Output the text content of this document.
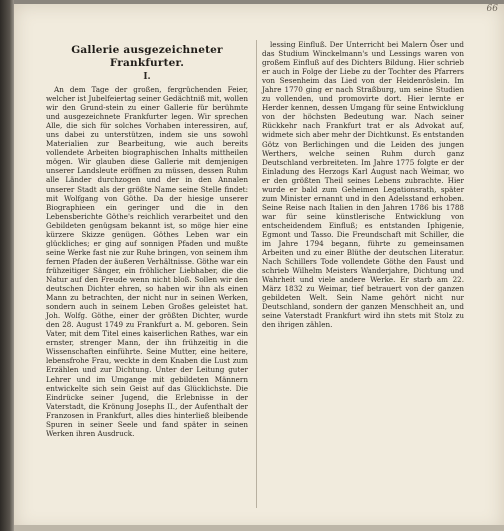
66
Gallerie ausgezeichneter Frankfurter.
I.
An dem Tage der großen, fergrüchenden Feier, welcher ist Jubelfeiertag seiner Gedächtniß mit, wollen wir den Grund-stein zu einer Gallerie für berühmte und ausgezeichnete Frankfurter legen. Wir sprechen Alle, die sich für solches Vorhaben interessiren, auf, uns dabei zu unterstützen, indem sie uns sowohl Materialien zur Bearbeitung, wie auch bereits vollendete Arbeiten biographischen Inhalts mittheilen mögen. Wir glauben diese Gallerie mit demjenigen unserer Landsleute eröffnen zu müssen, dessen Ruhm alle Länder durchzogen und der in den Annalen unserer Stadt als der größte Name seine Stelle findet: mit Wolfgang von Göthe. Da der hiesige unserer Biographieen ein geringer und die in den Lebensberichte Göthe's reichlich verarbeitet und den Gebildeten genügsam bekannt ist, so möge hier eine kürzere Skizze genügen. Göthes Leben war ein glückliches; er ging auf sonnigen Pfaden und mußte seine Werke fast nie zur Ruhe bringen, von seinem ihm fernen Pfaden der äußeren Verhältnisse. Göthe war ein frühzeitiger Sänger, ein fröhlicher Liebhaber, die die Natur auf den Freude wenn nicht bloß. Sollen wir den deutschen Dichter ehren, so haben wir ihn als einen Mann zu betrachten, der nicht nur in seinen Werken, sondern auch in seinem Leben Großes geleistet hat. Joh. Wolfg. Göthe, einer der größten Dichter, wurde den 28. August 1749 zu Frankfurt a. M. geboren. Sein Vater, mit dem Titel eines kaiserlichen Rathes, war ein ernster, strenger Mann, der ihn frühzeitig in die Wissenschaften einführte. Seine Mutter, eine heitere, lebensfrohe Frau, weckte in dem Knaben die Lust zum Erzählen und zur Dichtung. Unter der Leitung guter Lehrer und im Umgange mit gebildeten Männern entwickelte sich sein Geist auf das Glücklichste. Die Eindrücke seiner Jugend, die Erlebnisse in der Vaterstadt, die Krönung Josephs II., der Aufenthalt der Franzosen in Frankfurt, alles dies hinterließ bleibende Spuren in seiner Seele und fand später in seinen Werken ihren Ausdruck.
lessing Einfluß. Der Unterricht bei Malern Öser und das Studium Winckelmann's und Lessings waren von großem Einfluß auf des Dichters Bildung. Hier schrieb er auch in Folge der Liebe zu der Tochter des Pfarrers von Sesenheim das Lied von der Heidenröslein. Im Jahre 1770 ging er nach Straßburg, um seine Studien zu vollenden, und promovirte dort. Hier lernte er Herder kennen, dessen Umgang für seine Entwicklung von der höchsten Bedeutung war. Nach seiner Rückkehr nach Frankfurt trat er als Advokat auf, widmete sich aber mehr der Dichtkunst. Es entstanden Götz von Berlichingen und die Leiden des jungen Werthers, welche seinen Ruhm durch ganz Deutschland verbreiteten. Im Jahre 1775 folgte er der Einladung des Herzogs Karl August nach Weimar, wo er den größten Theil seines Lebens zubrachte. Hier wurde er bald zum Geheimen Legationsrath, später zum Minister ernannt und in den Adelsstand erhoben. Seine Reise nach Italien in den Jahren 1786 bis 1788 war für seine künstlerische Entwicklung von entscheidendem Einfluß; es entstanden Iphigenie, Egmont und Tasso. Die Freundschaft mit Schiller, die im Jahre 1794 begann, führte zu gemeinsamen Arbeiten und zu einer Blüthe der deutschen Literatur. Nach Schillers Tode vollendete Göthe den Faust und schrieb Wilhelm Meisters Wanderjahre, Dichtung und Wahrheit und viele andere Werke. Er starb am 22. März 1832 zu Weimar, tief betrauert von der ganzen gebildeten Welt. Sein Name gehört nicht nur Deutschland, sondern der ganzen Menschheit an, und seine Vaterstadt Frankfurt wird ihn stets mit Stolz zu den ihrigen zählen.
